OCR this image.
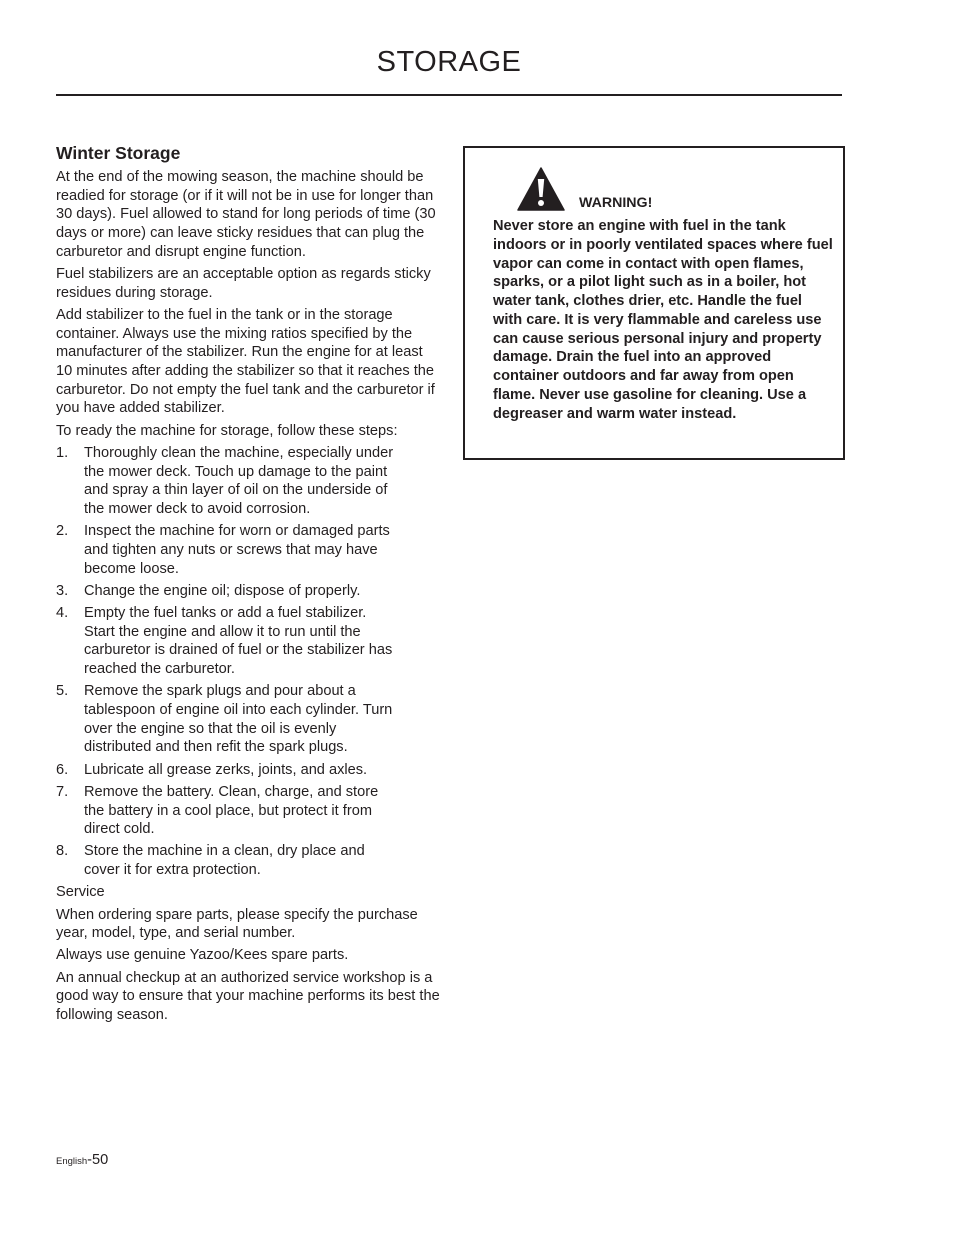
STORAGE
Winter Storage

At the end of the mowing season, the machine should be readied for storage (or if it will not be in use for longer than 30 days). Fuel allowed to stand for long periods of time (30 days or more) can leave sticky residues that can plug the carburetor and disrupt engine function.

Fuel stabilizers are an acceptable option as regards sticky residues during storage.

Add stabilizer to the fuel in the tank or in the storage container. Always use the mixing ratios specified by the manufacturer of the stabilizer. Run the engine for at least 10 minutes after adding the stabilizer so that it reaches the carburetor. Do not empty the fuel tank and the carburetor if you have added stabilizer.

To ready the machine for storage, follow these steps:

1.	Thoroughly clean the machine, especially under the mower deck. Touch up damage to the paint and spray a thin layer of oil on the underside of the mower deck to avoid corrosion.
2.	Inspect the machine for worn or damaged parts and tighten any nuts or screws that may have become loose.
3.	Change the engine oil; dispose of properly.
4.	Empty the fuel tanks or add a fuel stabilizer. Start the engine and allow it to run until the carburetor is drained of fuel or the stabilizer has reached the carburetor.
5.	Remove the spark plugs and pour about a tablespoon of engine oil into each cylinder. Turn over the engine so that the oil is evenly distributed and then refit the spark plugs.
6.	Lubricate all grease zerks, joints, and axles.
7.	Remove the battery. Clean, charge, and store the battery in a cool place, but protect it from direct cold.
8.	Store the machine in a clean, dry place and cover it for extra protection.

Service

When ordering spare parts, please specify the purchase year, model, type, and serial number.

Always use genuine Yazoo/Kees spare parts.

An annual checkup at an authorized service workshop is a good way to ensure that your machine performs its best the following season.

WARNING!
Never store an engine with fuel in the tank indoors or in poorly ventilated spaces where fuel vapor can come in contact with open flames, sparks, or a pilot light such as in a boiler, hot water tank, clothes drier, etc. Handle the fuel with care. It is very flammable and careless use can cause serious personal injury and property damage. Drain the fuel into an approved container outdoors and far away from open flame. Never use gasoline for cleaning. Use a degreaser and warm water instead.
English-50
